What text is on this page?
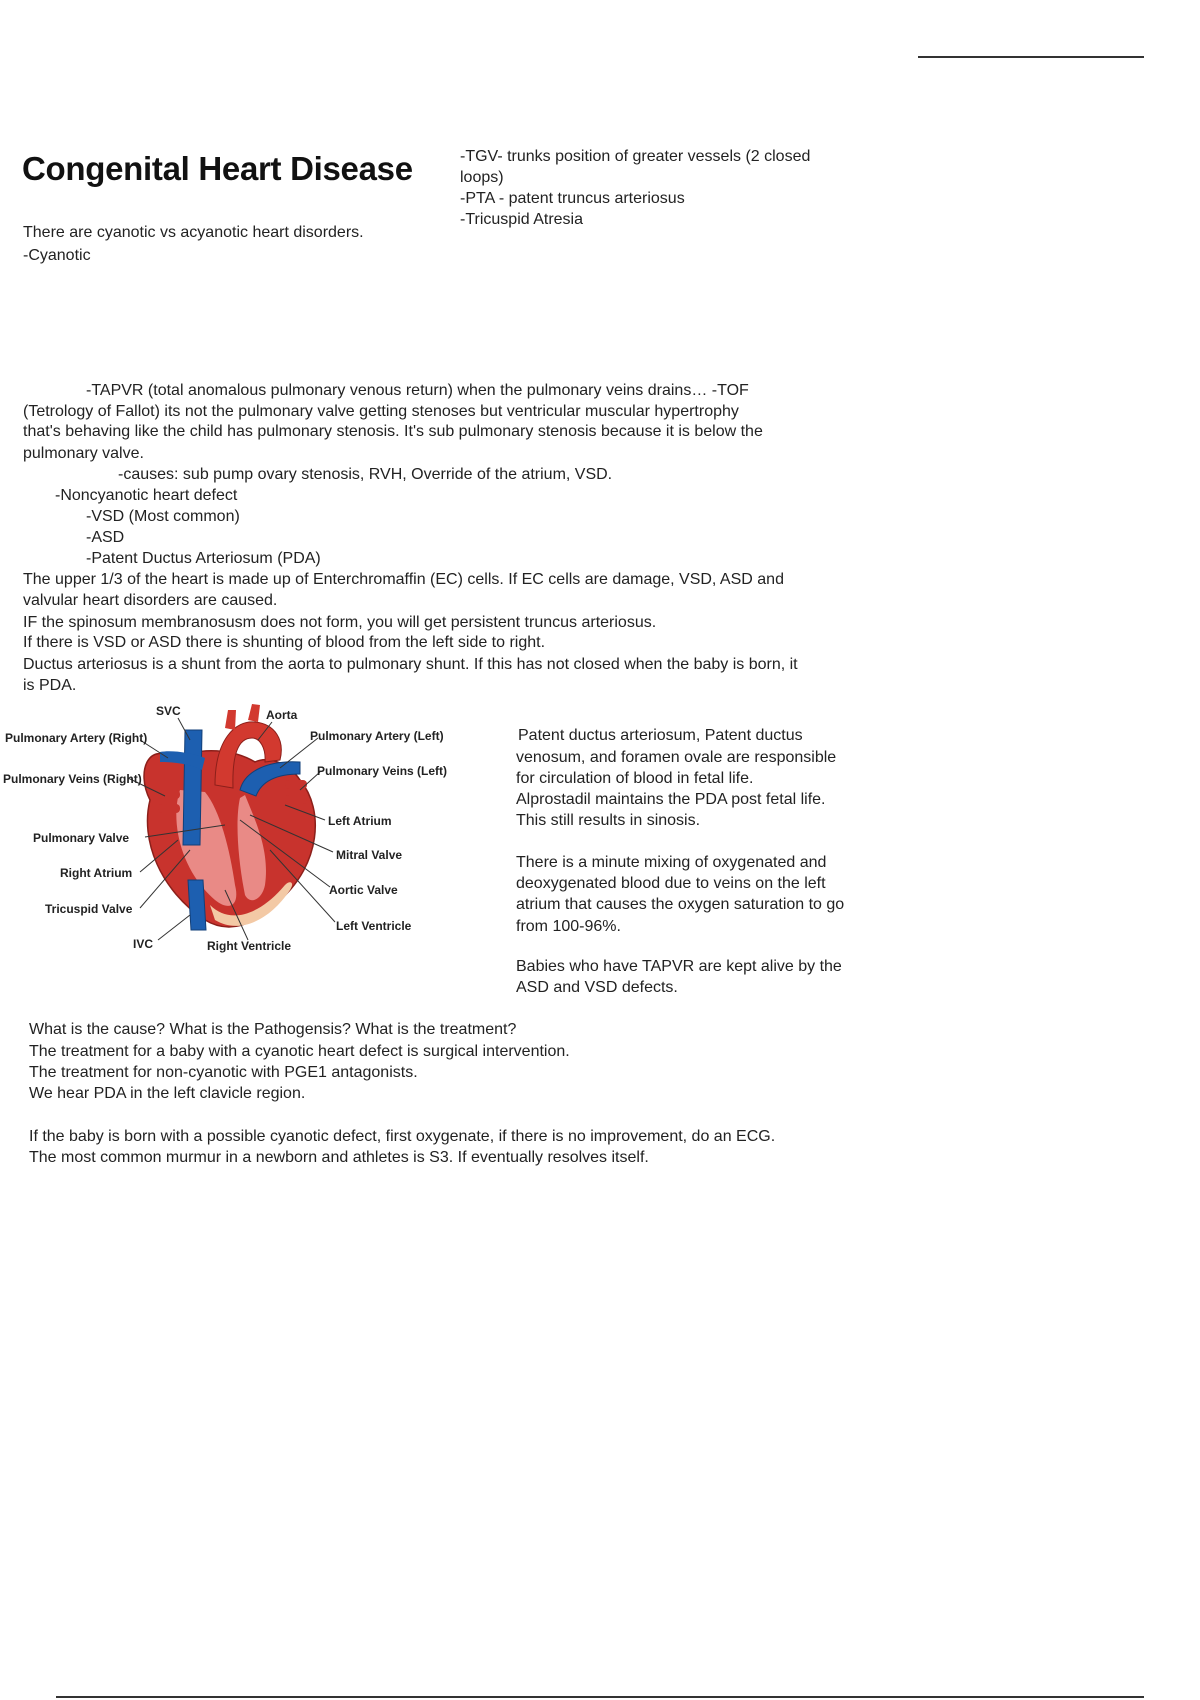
Congenital Heart Disease	-TGV- trunks position of greater vessels (2 closed
loops)
-PTA - patent truncus arteriosus
-Tricuspid Atresia
There are cyanotic vs acyanotic heart disorders.
-Cyanotic
-TAPVR (total anomalous pulmonary venous return) when the pulmonary veins drains… -TOF
(Tetrology of Fallot) its not the pulmonary valve getting stenoses but ventricular muscular hypertrophy
that's behaving like the child has pulmonary stenosis. It's sub pulmonary stenosis because it is below the
pulmonary valve.
-causes: sub pump ovary stenosis, RVH, Override of the atrium, VSD.
-Noncyanotic heart defect
-VSD (Most common)
-ASD
-Patent Ductus Arteriosum (PDA)
The upper 1/3 of the heart is made up of Enterchromaffin (EC) cells. If EC cells are damage, VSD, ASD and
valvular heart disorders are caused.
IF the spinosum membranosusm does not form, you will get persistent truncus arteriosus.
If there is VSD or ASD there is shunting of blood from the left side to right.
Ductus arteriosus is a shunt from the aorta to pulmonary shunt. If this has not closed when the baby is born, it
is PDA.
SVC	Aorta
Pulmonary Artery (Right)	Pulmonary Artery (Left)
Pulmonary Veins (Right)
Pulmonary Veins (Left)
Left Atrium
Pulmonary Valve
Mitral Valve
Right Atrium
Aortic Valve
Tricuspid Valve
Left Ventricle
IVC	Right Ventricle
Patent ductus arteriosum, Patent ductus
venosum, and foramen ovale are responsible
for circulation of blood in fetal life.
Alprostadil maintains the PDA post fetal life.
This still results in sinosis.
There is a minute mixing of oxygenated and
deoxygenated blood due to veins on the left
atrium that causes the oxygen saturation to go
from 100-96%.
Babies who have TAPVR are kept alive by the
ASD and VSD defects.
What is the cause? What is the Pathogensis? What is the treatment?
The treatment for a baby with a cyanotic heart defect is surgical intervention.
The treatment for non-cyanotic with PGE1 antagonists.
We hear PDA in the left clavicle region.
If the baby is born with a possible cyanotic defect, first oxygenate, if there is no improvement, do an ECG.
The most common murmur in a newborn and athletes is S3. If eventually resolves itself.
